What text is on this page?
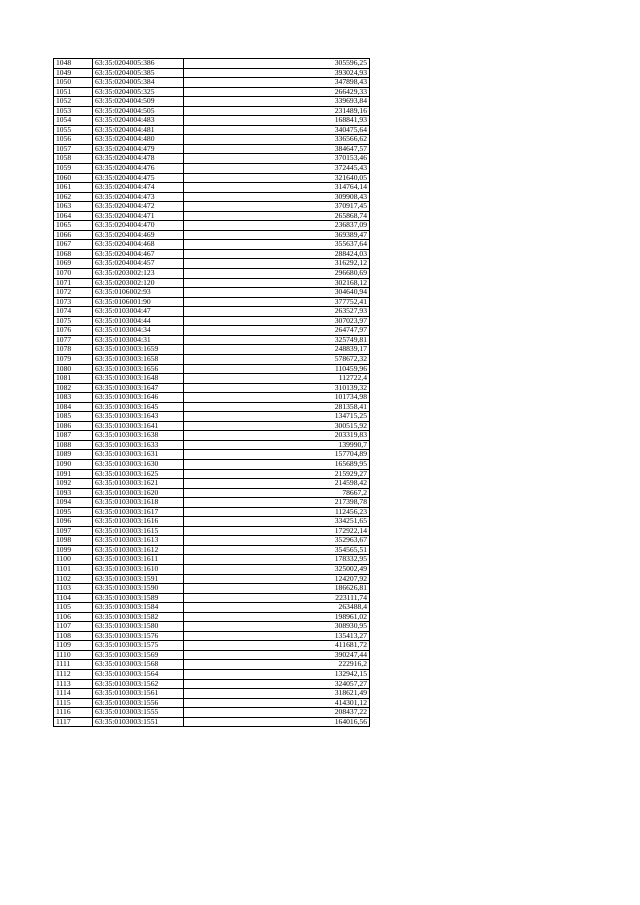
1048	63:35:0204005:386	305596,25
1049	63:35:0204005:385	393024,93
1050	63:35:0204005:384	347898,43
1051	63:35:0204005:325	266429,33
1052	63:35:0204004:509	339693,84
1053	63:35:0204004:505	231489,16
1054	63:35:0204004:483	168841,93
1055	63:35:0204004:481	340475,64
1056	63:35:0204004:480	336566,62
1057	63:35:0204004:479	384647,57
1058	63:35:0204004:478	370153,46
1059	63:35:0204004:476	372445,43
1060	63:35:0204004:475	321640,05
1061	63:35:0204004:474	314764,14
1062	63:35:0204004:473	309908,43
1063	63:35:0204004:472	370917,45
1064	63:35:0204004:471	265868,74
1065	63:35:0204004:470	236837,09
1066	63:35:0204004:469	369389,47
1067	63:35:0204004:468	355637,64
1068	63:35:0204004:467	288424,03
1069	63:35:0204004:457	316292,12
1070	63:35:0203002:123	296680,69
1071	63:35:0203002:120	302168,12
1072	63:35:0106002:93	304640,94
1073	63:35:0106001:90	377752,41
1074	63:35:0103004:47	263527,93
1075	63:35:0103004:44	307023,97
1076	63:35:0103004:34	264747,97
1077	63:35:0103004:31	325749,81
1078	63:35:0103003:1659	248839,17
1079	63:35:0103003:1658	578672,32
1080	63:35:0103003:1656	110459,96
1081	63:35:0103003:1648	112722,4
1082	63:35:0103003:1647	310139,32
1083	63:35:0103003:1646	101734,98
1084	63:35:0103003:1645	281358,41
1085	63:35:0103003:1643	134715,25
1086	63:35:0103003:1641	300515,92
1087	63:35:0103003:1638	203319,83
1088	63:35:0103003:1633	139990,7
1089	63:35:0103003:1631	157704,89
1090	63:35:0103003:1630	165689,95
1091	63:35:0103003:1625	215929,27
1092	63:35:0103003:1621	214598,42
1093	63:35:0103003:1620	78667,2
1094	63:35:0103003:1618	217398,78
1095	63:35:0103003:1617	112456,23
1096	63:35:0103003:1616	334251,65
1097	63:35:0103003:1615	172922,14
1098	63:35:0103003:1613	352963,67
1099	63:35:0103003:1612	354565,51
1100	63:35:0103003:1611	178332,95
1101	63:35:0103003:1610	325002,49
1102	63:35:0103003:1591	124207,92
1103	63:35:0103003:1590	186626,81
1104	63:35:0103003:1589	223111,74
1105	63:35:0103003:1584	263488,4
1106	63:35:0103003:1582	198961,02
1107	63:35:0103003:1580	308930,95
1108	63:35:0103003:1576	135413,27
1109	63:35:0103003:1575	411681,72
1110	63:35:0103003:1569	390247,44
1111	63:35:0103003:1568	222916,2
1112	63:35:0103003:1564	132942,15
1113	63:35:0103003:1562	324057,27
1114	63:35:0103003:1561	318621,49
1115	63:35:0103003:1556	414301,12
1116	63:35:0103003:1555	208437,22
1117	63:35:0103003:1551	164016,56
